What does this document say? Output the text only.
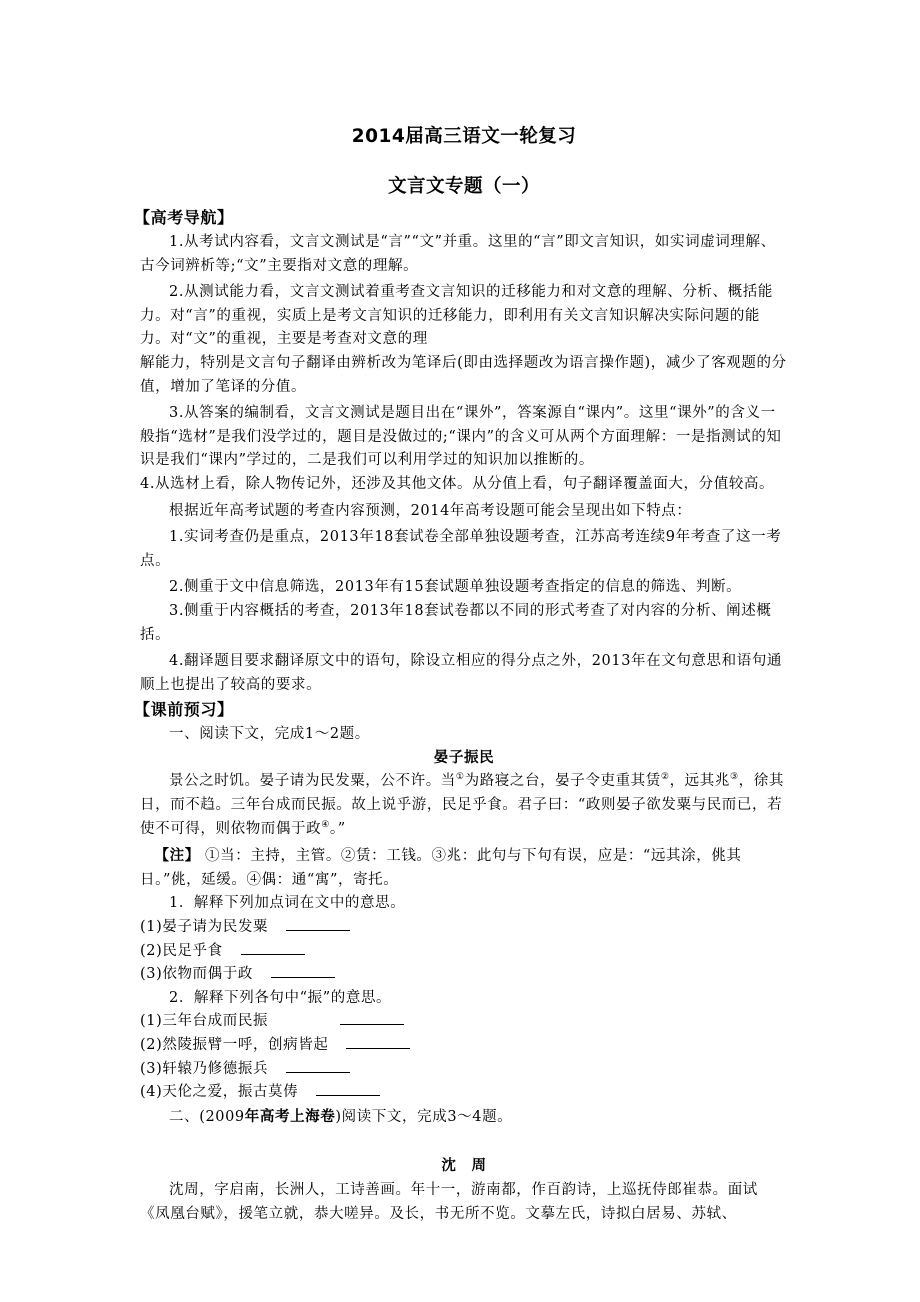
2014届高三语文一轮复习
文言文专题（一）
【高考导航】

1.从考试内容看，文言文测试是“言”“文”并重。这里的“言”即文言知识，如实词虚词理解、古今词辨析等;“文”主要指对文意的理解。

2.从测试能力看，文言文测试着重考查文言知识的迁移能力和对文意的理解、分析、概括能力。对“言”的重视，实质上是考文言知识的迁移能力，即利用有关文言知识解决实际问题的能力。对“文”的重视，主要是考查对文意的理

解能力，特别是文言句子翻译由辨析改为笔译后(即由选择题改为语言操作题)，减少了客观题的分值，增加了笔译的分值。

3.从答案的编制看，文言文测试是题目出在“课外”，答案源自“课内”。这里“课外”的含义一般指“选材”是我们没学过的，题目是没做过的;“课内”的含义可从两个方面理解：一是指测试的知识是我们“课内”学过的，二是我们可以利用学过的知识加以推断的。

4.从选材上看，除人物传记外，还涉及其他文体。从分值上看，句子翻译覆盖面大，分值较高。

根据近年高考试题的考查内容预测，2014年高考设题可能会呈现出如下特点：

1.实词考查仍是重点，2013年18套试卷全部单独设题考查，江苏高考连续9年考查了这一考点。

2.侧重于文中信息筛选，2013年有15套试题单独设题考查指定的信息的筛选、判断。

3.侧重于内容概括的考查，2013年18套试卷都以不同的形式考查了对内容的分析、阐述概括。

4.翻译题目要求翻译原文中的语句，除设立相应的得分点之外，2013年在文句意思和语句通顺上也提出了较高的要求。

【课前预习】

一、阅读下文，完成1～2题。

晏子振民

景公之时饥。晏子请为民发粟，公不许。当①为路寝之台，晏子令吏重其赁②，远其兆③，徐其日，而不趋。三年台成而民振。故上说乎游，民足乎食。君子曰：“政则晏子欲发粟与民而已，若使不可得，则依物而偶于政④。”

【注】 ①当：主持，主管。②赁：工钱。③兆：此句与下句有误，应是：“远其涂，佻其日。”佻，延缓。④偶：通“寓”，寄托。

1．解释下列加点词在文中的意思。

(1)晏子请为民发粟

(2)民足乎食

(3)依物而偶于政

2．解释下列各句中“振”的意思。

(1)三年台成而民振

(2)然陵振臂一呼，创病皆起

(3)轩辕乃修德振兵

(4)天伦之爱，振古莫俦

二、(2009年高考上海卷)阅读下文，完成3～4题。

沈　周

沈周，字启南，长洲人，工诗善画。年十一，游南都，作百韵诗，上巡抚侍郎崔恭。面试《凤凰台赋》，援笔立就，恭大嗟异。及长，书无所不览。文摹左氏，诗拟白居易、苏轼、
